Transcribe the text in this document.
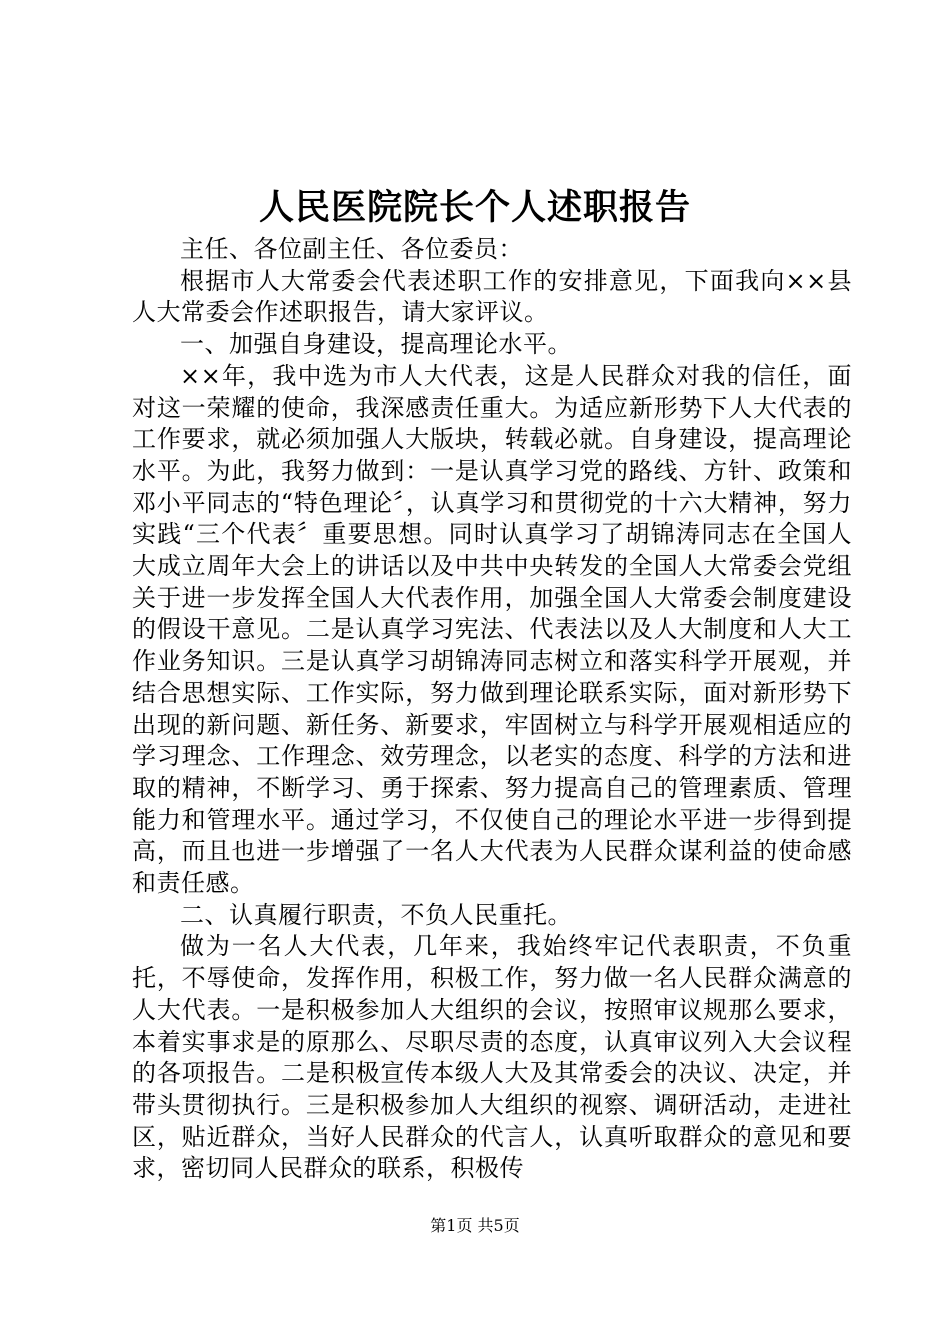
人民医院院长个人述职报告

主任、各位副主任、各位委员：

根据市人大常委会代表述职工作的安排意见，下面我向××县人大常委会作述职报告，请大家评议。

一、加强自身建设，提高理论水平。

××年，我中选为市人大代表，这是人民群众对我的信任，面对这一荣耀的使命，我深感责任重大。为适应新形势下人大代表的工作要求，就必须加强人大版块，转载必就。自身建设，提高理论水平。为此，我努力做到：一是认真学习党的路线、方针、政策和邓小平同志的“特色理论〞，认真学习和贯彻党的十六大精神，努力实践“三个代表〞重要思想。同时认真学习了胡锦涛同志在全国人大成立周年大会上的讲话以及中共中央转发的全国人大常委会党组关于进一步发挥全国人大代表作用，加强全国人大常委会制度建设的假设干意见。二是认真学习宪法、代表法以及人大制度和人大工作业务知识。三是认真学习胡锦涛同志树立和落实科学开展观，并结合思想实际、工作实际，努力做到理论联系实际，面对新形势下出现的新问题、新任务、新要求，牢固树立与科学开展观相适应的学习理念、工作理念、效劳理念，以老实的态度、科学的方法和进取的精神，不断学习、勇于探索、努力提高自己的管理素质、管理能力和管理水平。通过学习，不仅使自己的理论水平进一步得到提高，而且也进一步增强了一名人大代表为人民群众谋利益的使命感和责任感。

二、认真履行职责，不负人民重托。

做为一名人大代表，几年来，我始终牢记代表职责，不负重托，不辱使命，发挥作用，积极工作，努力做一名人民群众满意的人大代表。一是积极参加人大组织的会议，按照审议规那么要求，本着实事求是的原那么、尽职尽责的态度，认真审议列入大会议程的各项报告。二是积极宣传本级人大及其常委会的决议、决定，并带头贯彻执行。三是积极参加人大组织的视察、调研活动，走进社区，贴近群众，当好人民群众的代言人，认真听取群众的意见和要求，密切同人民群众的联系，积极传

第1页 共5页
